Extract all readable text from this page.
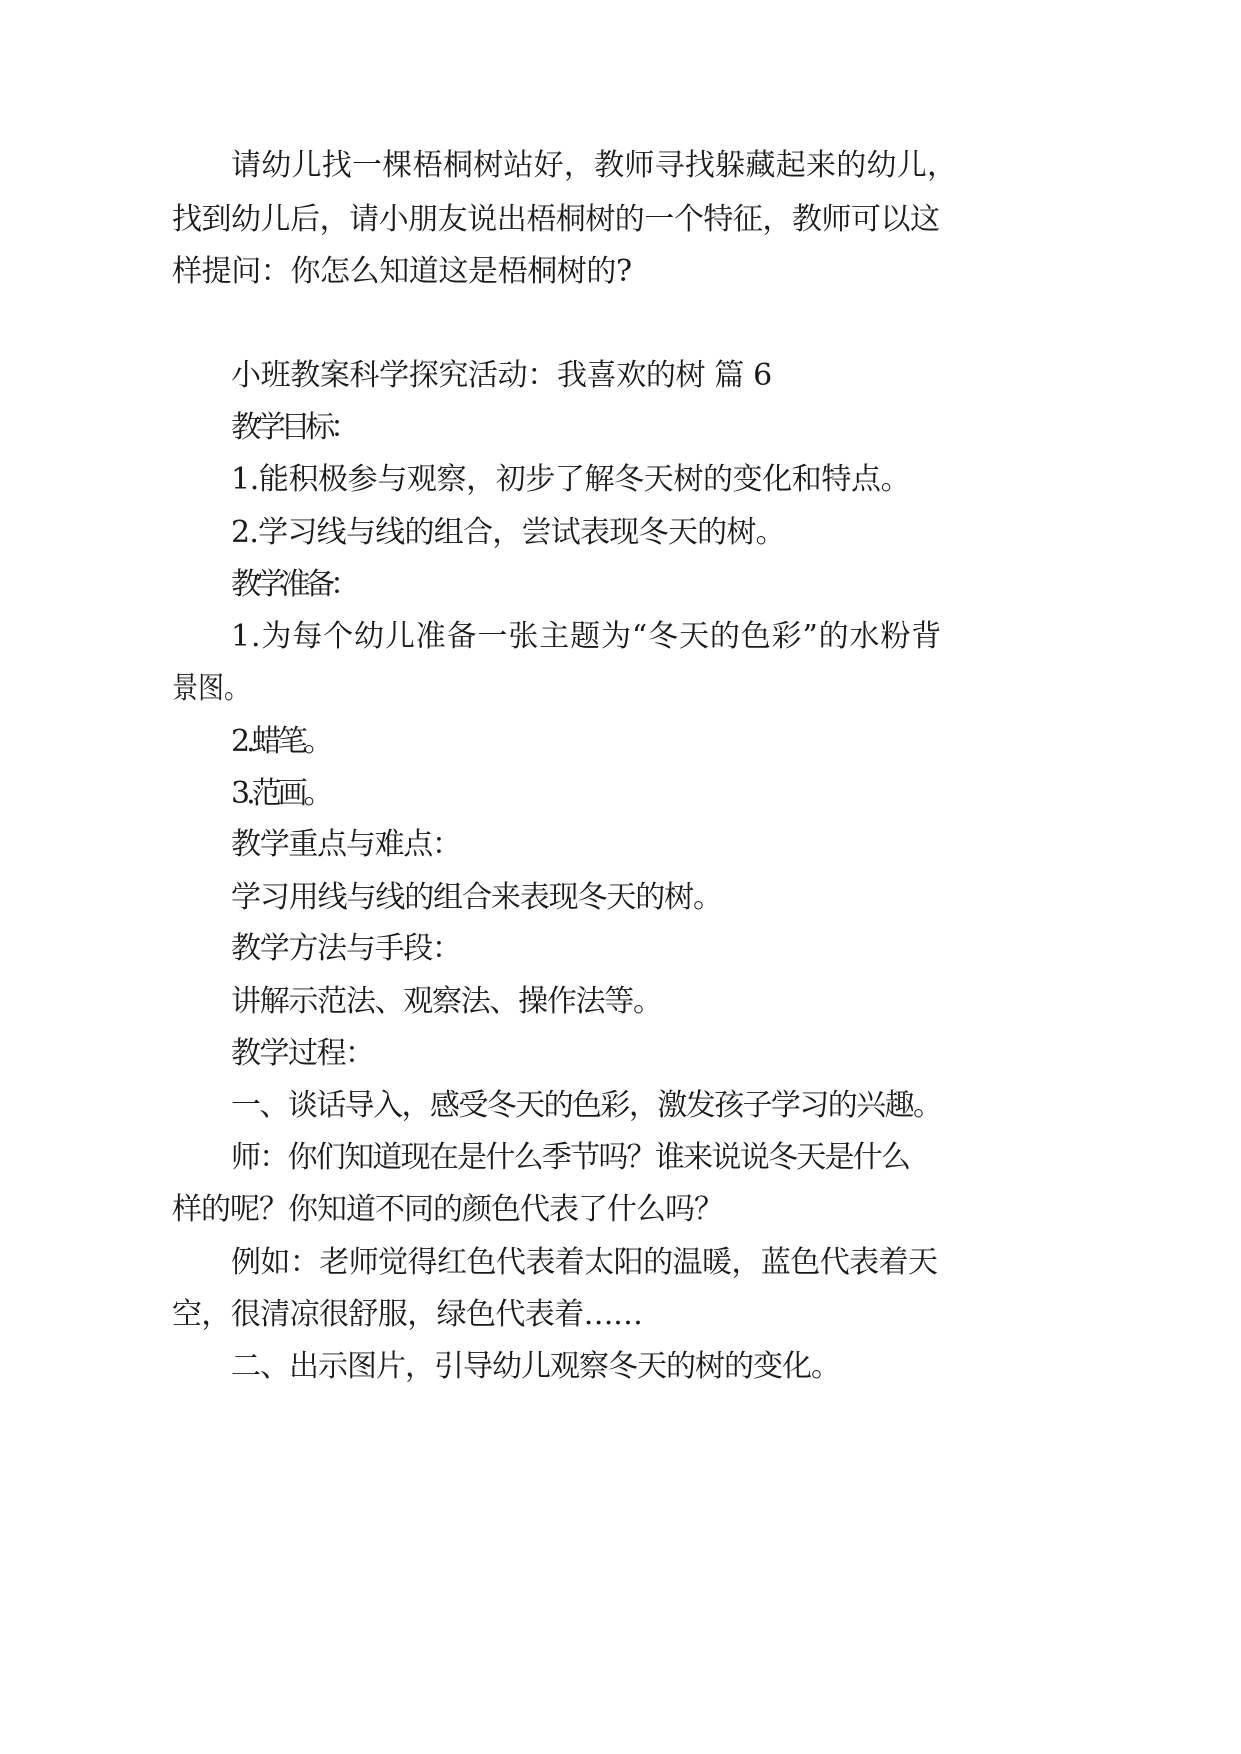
请幼儿找一棵梧桐树站好，教师寻找躲藏起来的幼儿，

找到幼儿后，请小朋友说出梧桐树的一个特征，教师可以这

样提问：你怎么知道这是梧桐树的?

小班教案科学探究活动：我喜欢的树 篇 6

教学目标：

1.能积极参与观察，初步了解冬天树的变化和特点。

2.学习线与线的组合，尝试表现冬天的树。

教学准备：

1.为每个幼儿准备一张主题为“冬天的色彩”的水粉背

景图。

2.蜡笔。

3.范画。

教学重点与难点：

学习用线与线的组合来表现冬天的树。

教学方法与手段：

讲解示范法、观察法、操作法等。

教学过程：

一、谈话导入，感受冬天的色彩，激发孩子学习的兴趣。

师：你们知道现在是什么季节吗？谁来说说冬天是什么

样的呢？你知道不同的颜色代表了什么吗？

例如：老师觉得红色代表着太阳的温暖，蓝色代表着天

空，很清凉很舒服，绿色代表着……

二、出示图片，引导幼儿观察冬天的树的变化。
